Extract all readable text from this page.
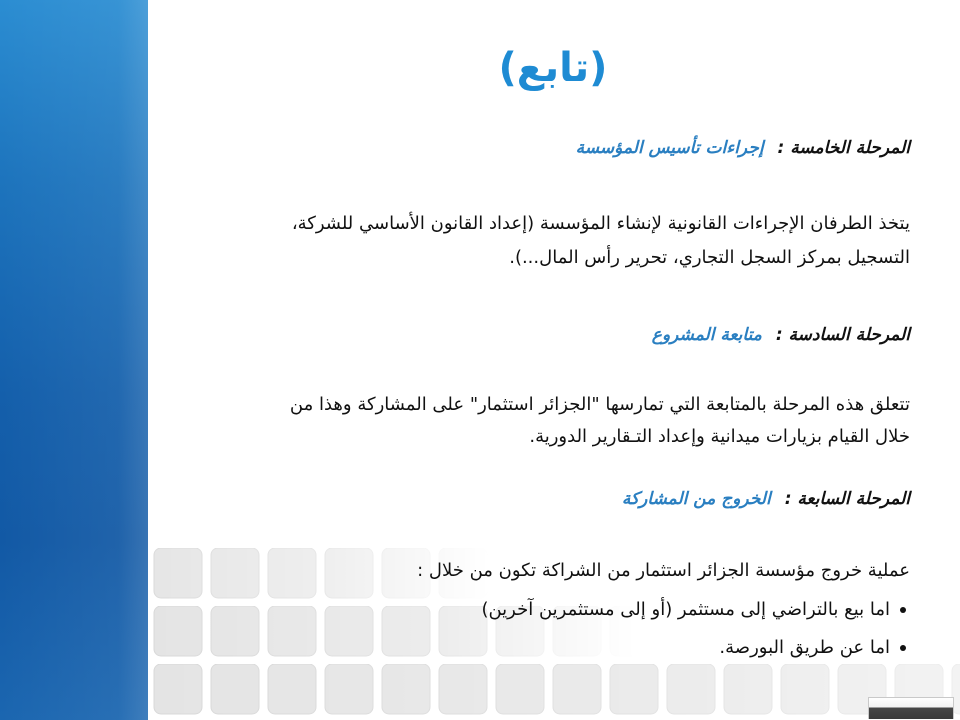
(تابع)
المرحلة الخامسة :إجراءات تأسيس المؤسسة
يتخذ الطرفان الإجراءات القانونية لإنشاء المؤسسة (إعداد القانون الأساسي للشركة،
التسجيل بمركز السجل التجاري، تحرير رأس المال...).
المرحلة السادسة :متابعة المشروع
تتعلق هذه المرحلة بالمتابعة التي تمارسها "الجزائر استثمار" على المشاركة وهذا من
خلال القيام بزيارات ميدانية وإعداد التـقارير الدورية.
المرحلة السابعة :الخروج من المشاركة
عملية خروج مؤسسة الجزائر استثمار من الشراكة تكون من خلال :
اما بيع بالتراضي إلى مستثمر (أو إلى مستثمرين آخرين)
اما عن طريق البورصة.
